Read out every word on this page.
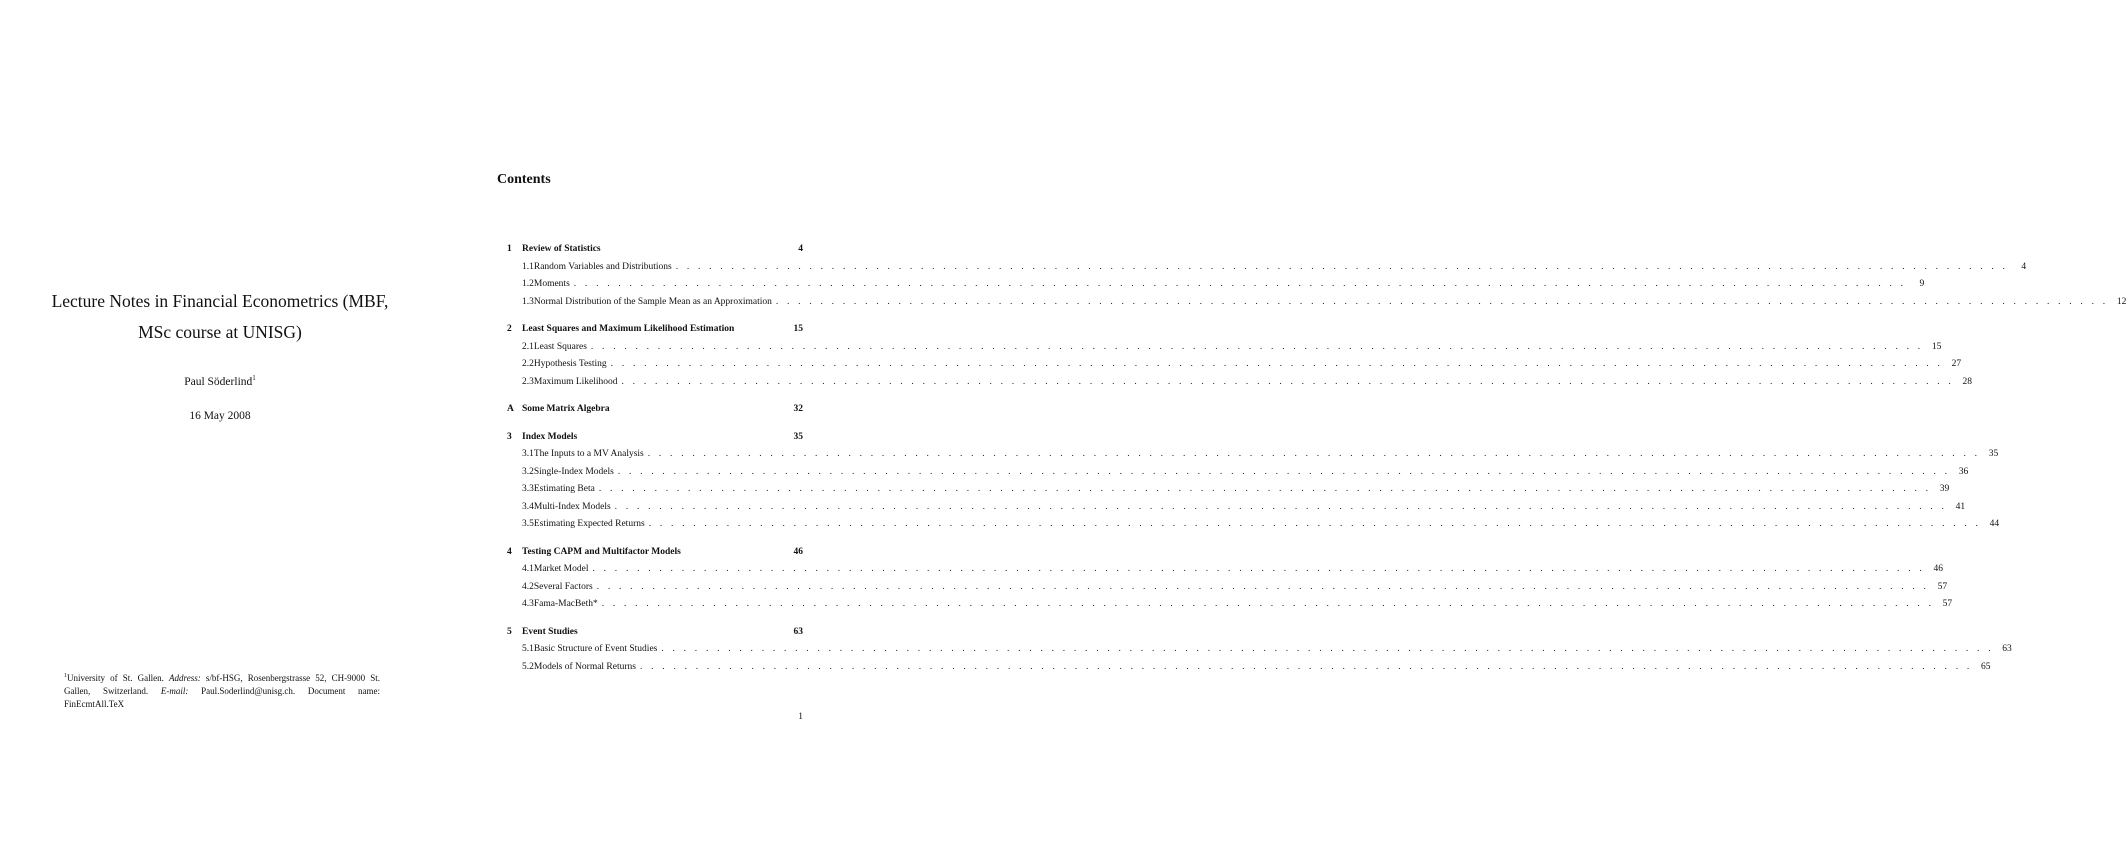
Lecture Notes in Financial Econometrics (MBF,
MSc course at UNISG)
Paul Söderlind$^1$
16 May 2008
$^1$University of St. Gallen. Address: s/bf-HSG, Rosenbergstrasse 52, CH-9000 St. Gallen, Switzerland. E-mail: Paul.Soderlind@unisg.ch. Document name: FinEcmtAll.TeX
Contents
1	Review of Statistics	4
1.1 Random Variables and Distributions . . . . . . . . . . . . . . . . . . . . . . . . . . . . . . . . . . . . . . . . . . . . . . . . . . . . . . . . . . . . . . . . . . . . . . . . . . . . . . . . . . . . . . . . . . . . . . . . . . . . . . . . . . . . . . . . . . . . . . . .	4
1.2 Moments . . . . . . . . . . . . . . . . . . . . . . . . . . . . . . . . . . . . . . . . . . . . . . . . . . . . . . . . . . . . . . . . . . . . . . . . . . . . . . . . . . . . . . . . . . . . . . . . . . . . . . . . . . . . . . . . . . . . . . . .	9
1.3 Normal Distribution of the Sample Mean as an Approximation . . . . . . . . . . . . . . . . . . . . . . . . . . . . . . . . . . . . . . . . . . . . . . . . . . . . . . . . . . . . . . . . . . . . . . . . . . . . . . . . . . . . . . . . . . . . . . . . . . . . . . . . . . . . . . . . . . . . . . . . 12
2	Least Squares and Maximum Likelihood Estimation	15
2.1 Least Squares . . . . . . . . . . . . . . . . . . . . . . . . . . . . . . . . . . . . . . . . . . . . . . . . . . . . . . . . . . . . . . . . . . . . . . . . . . . . . . . . . . . . . . . . . . . . . . . . . . . . . . . . . . . . . . . . . . . . . . . . 15
2.2 Hypothesis Testing . . . . . . . . . . . . . . . . . . . . . . . . . . . . . . . . . . . . . . . . . . . . . . . . . . . . . . . . . . . . . . . . . . . . . . . . . . . . . . . . . . . . . . . . . . . . . . . . . . . . . . . . . . . . . . . . . . . . . . . . 27
2.3 Maximum Likelihood . . . . . . . . . . . . . . . . . . . . . . . . . . . . . . . . . . . . . . . . . . . . . . . . . . . . . . . . . . . . . . . . . . . . . . . . . . . . . . . . . . . . . . . . . . . . . . . . . . . . . . . . . . . . . . . . . . . . . . . . 28
A Some Matrix Algebra	32
3	Index Models	35
3.1 The Inputs to a MV Analysis . . . . . . . . . . . . . . . . . . . . . . . . . . . . . . . . . . . . . . . . . . . . . . . . . . . . . . . . . . . . . . . . . . . . . . . . . . . . . . . . . . . . . . . . . . . . . . . . . . . . . . . . . . . . . . . . . . . . . . . . 35
3.2 Single-Index Models . . . . . . . . . . . . . . . . . . . . . . . . . . . . . . . . . . . . . . . . . . . . . . . . . . . . . . . . . . . . . . . . . . . . . . . . . . . . . . . . . . . . . . . . . . . . . . . . . . . . . . . . . . . . . . . . . . . . . . . . 36
3.3 Estimating Beta . . . . . . . . . . . . . . . . . . . . . . . . . . . . . . . . . . . . . . . . . . . . . . . . . . . . . . . . . . . . . . . . . . . . . . . . . . . . . . . . . . . . . . . . . . . . . . . . . . . . . . . . . . . . . . . . . . . . . . . . 39
3.4 Multi-Index Models . . . . . . . . . . . . . . . . . . . . . . . . . . . . . . . . . . . . . . . . . . . . . . . . . . . . . . . . . . . . . . . . . . . . . . . . . . . . . . . . . . . . . . . . . . . . . . . . . . . . . . . . . . . . . . . . . . . . . . . . 41
3.5 Estimating Expected Returns . . . . . . . . . . . . . . . . . . . . . . . . . . . . . . . . . . . . . . . . . . . . . . . . . . . . . . . . . . . . . . . . . . . . . . . . . . . . . . . . . . . . . . . . . . . . . . . . . . . . . . . . . . . . . . . . . . . . . . . . 44
4	Testing CAPM and Multifactor Models	46
4.1 Market Model . . . . . . . . . . . . . . . . . . . . . . . . . . . . . . . . . . . . . . . . . . . . . . . . . . . . . . . . . . . . . . . . . . . . . . . . . . . . . . . . . . . . . . . . . . . . . . . . . . . . . . . . . . . . . . . . . . . . . . . . 46
4.2 Several Factors . . . . . . . . . . . . . . . . . . . . . . . . . . . . . . . . . . . . . . . . . . . . . . . . . . . . . . . . . . . . . . . . . . . . . . . . . . . . . . . . . . . . . . . . . . . . . . . . . . . . . . . . . . . . . . . . . . . . . . . . 57
4.3 Fama-MacBeth* . . . . . . . . . . . . . . . . . . . . . . . . . . . . . . . . . . . . . . . . . . . . . . . . . . . . . . . . . . . . . . . . . . . . . . . . . . . . . . . . . . . . . . . . . . . . . . . . . . . . . . . . . . . . . . . . . . . . . . . . 57
5	Event Studies	63
5.1 Basic Structure of Event Studies . . . . . . . . . . . . . . . . . . . . . . . . . . . . . . . . . . . . . . . . . . . . . . . . . . . . . . . . . . . . . . . . . . . . . . . . . . . . . . . . . . . . . . . . . . . . . . . . . . . . . . . . . . . . . . . . . . . . . . . . 63
5.2 Models of Normal Returns . . . . . . . . . . . . . . . . . . . . . . . . . . . . . . . . . . . . . . . . . . . . . . . . . . . . . . . . . . . . . . . . . . . . . . . . . . . . . . . . . . . . . . . . . . . . . . . . . . . . . . . . . . . . . . . . . . . . . . . . 65
1
